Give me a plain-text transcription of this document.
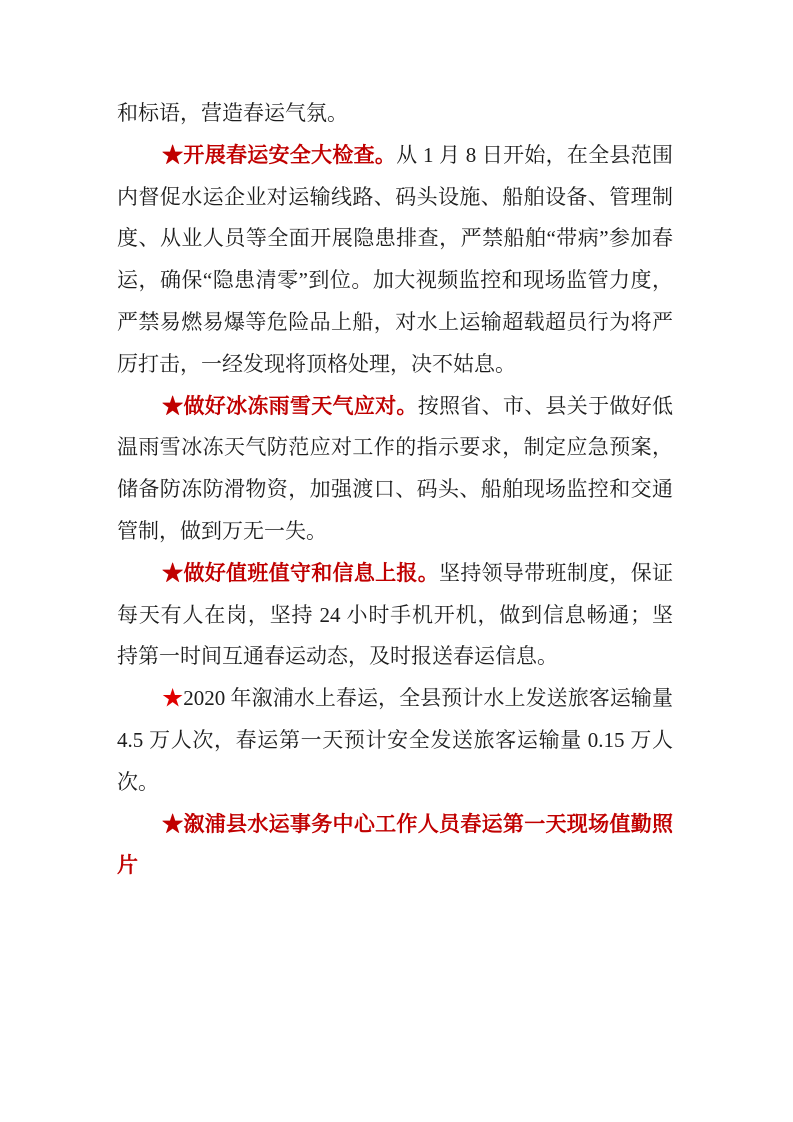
和标语，营造春运气氛。

★开展春运安全大检查。从 1 月 8 日开始，在全县范围内督促水运企业对运输线路、码头设施、船舶设备、管理制度、从业人员等全面开展隐患排查，严禁船舶“带病”参加春运，确保“隐患清零”到位。加大视频监控和现场监管力度，严禁易燃易爆等危险品上船，对水上运输超载超员行为将严厉打击，一经发现将顶格处理，决不姑息。

★做好冰冻雨雪天气应对。按照省、市、县关于做好低温雨雪冰冻天气防范应对工作的指示要求，制定应急预案，储备防冻防滑物资，加强渡口、码头、船舶现场监控和交通管制，做到万无一失。

★做好值班值守和信息上报。坚持领导带班制度，保证每天有人在岗，坚持 24 小时手机开机，做到信息畅通；坚持第一时间互通春运动态，及时报送春运信息。

★2020 年溆浦水上春运，全县预计水上发送旅客运输量 4.5 万人次，春运第一天预计安全发送旅客运输量 0.15 万人次。

★溆浦县水运事务中心工作人员春运第一天现场值勤照片
